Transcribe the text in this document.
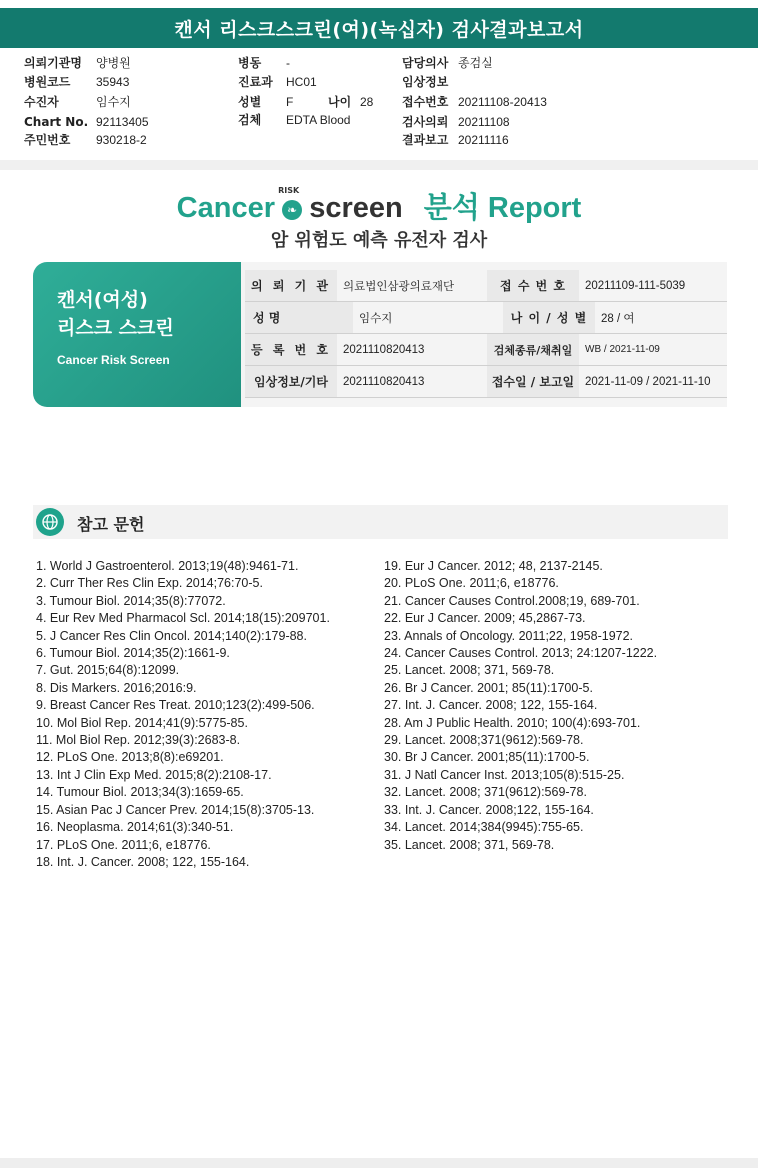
캔서 리스크스크린(여)(녹십자) 검사결과보고서
의뢰기관명 양병원
병원코드 35943
수진자	임수지
Chart No. 92113405
주민번호 930218-2
병동 -
진료과 HC01
성별 F	나이 28
검체 EDTA Blood
담당의사 종검실
임상정보
접수번호 20211108-20413
검사의뢰 20211108
결과보고 20211116
Cancer ❧
RISK
screen 분석 Report
암 위험도 예측 유전자 검사
캔서(여성)
리스크 스크린
Cancer Risk Screen
의 뢰 기 관	의료법인삼광의료재단	접 수 번 호	20211109-111-5039
성 명	임수지	나 이 / 성 별	28 / 여
등 록 번 호	2021110820413	검체종류/채취일	WB / 2021-11-09
임상정보/기타	2021110820413	접수일 / 보고일 2021-11-09 / 2021-11-10
참고 문헌
1. World J Gastroenterol. 2013;19(48):9461-71.
2. Curr Ther Res Clin Exp. 2014;76:70-5.
3. Tumour Biol. 2014;35(8):77072.
4. Eur Rev Med Pharmacol Scl. 2014;18(15):209701.
5. J Cancer Res Clin Oncol. 2014;140(2):179-88.
6. Tumour Biol. 2014;35(2):1661-9.
7. Gut. 2015;64(8):12099.
8. Dis Markers. 2016;2016:9.
9. Breast Cancer Res Treat. 2010;123(2):499-506.
10. Mol Biol Rep. 2014;41(9):5775-85.
11. Mol Biol Rep. 2012;39(3):2683-8.
12. PLoS One. 2013;8(8):e69201.
13. Int J Clin Exp Med. 2015;8(2):2108-17.
14. Tumour Biol. 2013;34(3):1659-65.
15. Asian Pac J Cancer Prev. 2014;15(8):3705-13.
16. Neoplasma. 2014;61(3):340-51.
17. PLoS One. 2011;6, e18776.
18. Int. J. Cancer. 2008; 122, 155-164.
19. Eur J Cancer. 2012; 48, 2137-2145.
20. PLoS One. 2011;6, e18776.
21. Cancer Causes Control.2008;19, 689-701.
22. Eur J Cancer. 2009; 45,2867-73.
23. Annals of Oncology. 2011;22, 1958-1972.
24. Cancer Causes Control. 2013; 24:1207-1222.
25. Lancet. 2008; 371, 569-78.
26. Br J Cancer. 2001; 85(11):1700-5.
27. Int. J. Cancer. 2008; 122, 155-164.
28. Am J Public Health. 2010; 100(4):693-701.
29. Lancet. 2008;371(9612):569-78.
30. Br J Cancer. 2001;85(11):1700-5.
31. J Natl Cancer Inst. 2013;105(8):515-25.
32. Lancet. 2008; 371(9612):569-78.
33. Int. J. Cancer. 2008;122, 155-164.
34. Lancet. 2014;384(9945):755-65.
35. Lancet. 2008; 371, 569-78.
